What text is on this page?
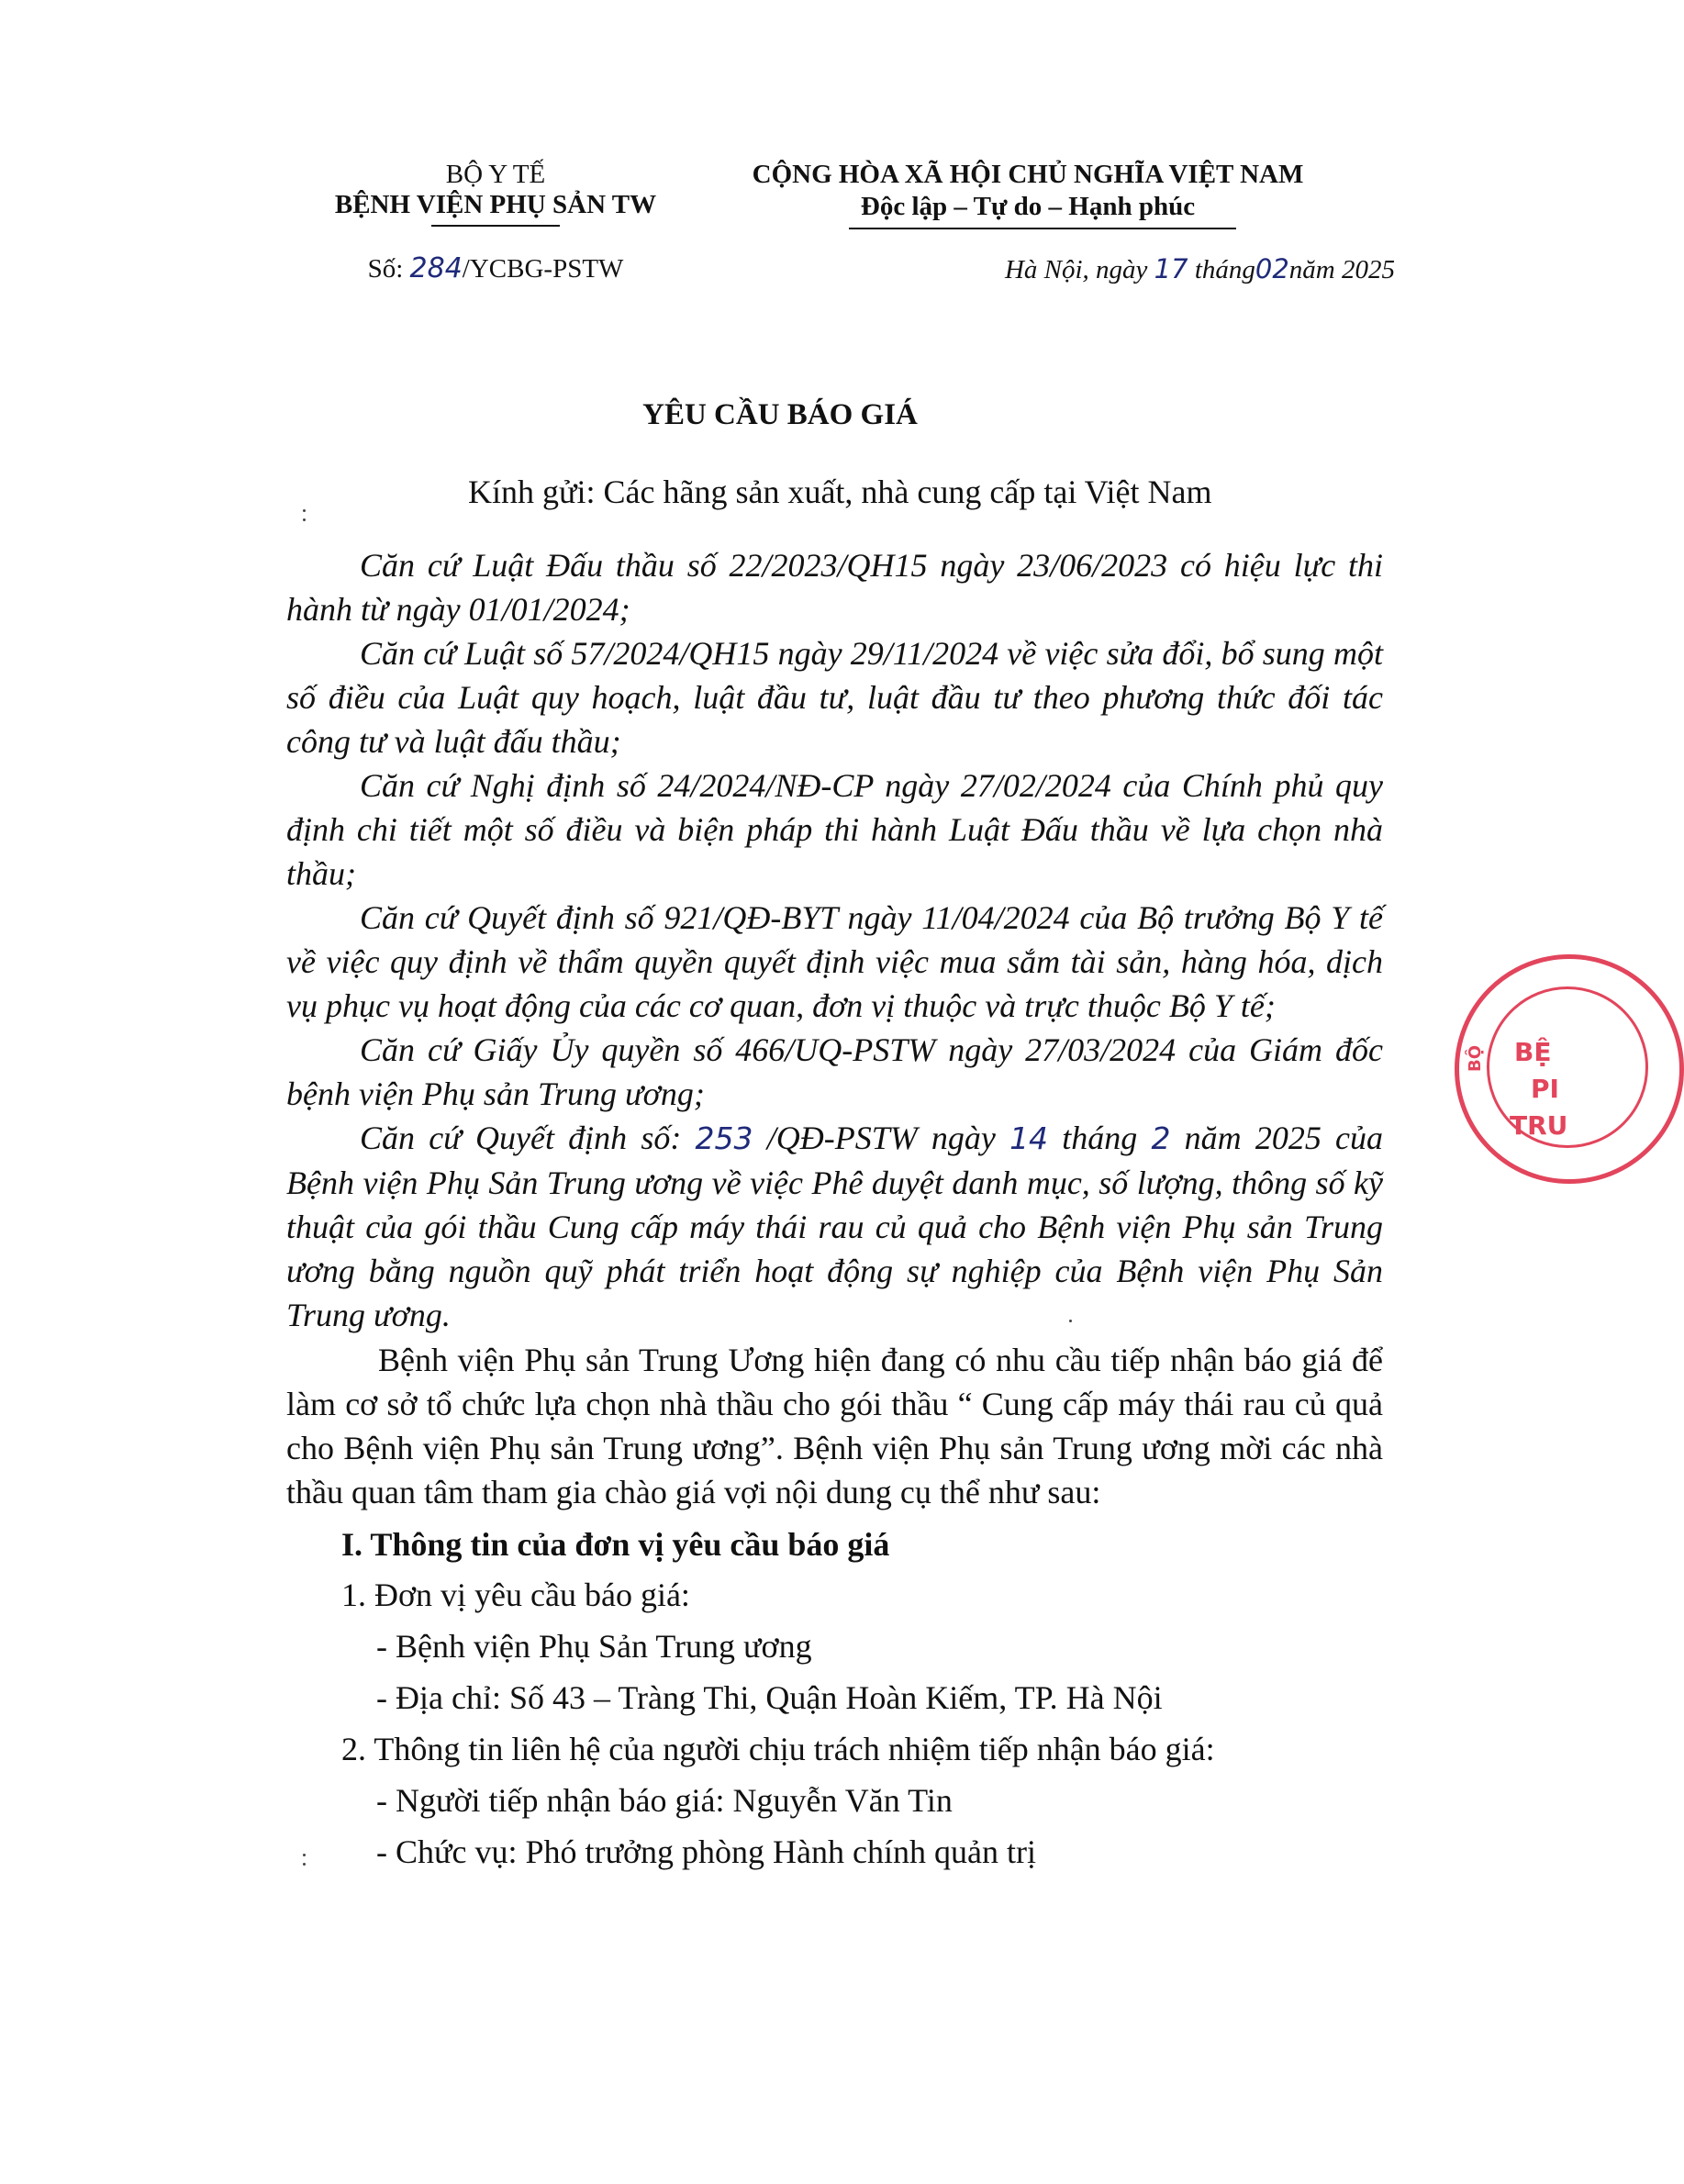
BỘ Y TẾ
BỆNH VIỆN PHỤ SẢN TW
Số: 284/YCBG-PSTW
CỘNG HÒA XÃ HỘI CHỦ NGHĨA VIỆT NAM
Độc lập – Tự do – Hạnh phúc
Hà Nội, ngày 17 tháng02năm 2025
YÊU CẦU BÁO GIÁ
Kính gửi: Các hãng sản xuất, nhà cung cấp tại Việt Nam
Căn cứ Luật Đấu thầu số 22/2023/QH15 ngày 23/06/2023 có hiệu lực thi hành từ ngày 01/01/2024;
Căn cứ Luật số 57/2024/QH15 ngày 29/11/2024 về việc sửa đổi, bổ sung một số điều của Luật quy hoạch, luật đầu tư, luật đầu tư theo phương thức đối tác công tư và luật đấu thầu;
Căn cứ Nghị định số 24/2024/NĐ-CP ngày 27/02/2024 của Chính phủ quy định chi tiết một số điều và biện pháp thi hành Luật Đấu thầu về lựa chọn nhà thầu;
Căn cứ Quyết định số 921/QĐ-BYT ngày 11/04/2024 của Bộ trưởng Bộ Y tế về việc quy định về thẩm quyền quyết định việc mua sắm tài sản, hàng hóa, dịch vụ phục vụ hoạt động của các cơ quan, đơn vị thuộc và trực thuộc Bộ Y tế;
Căn cứ Giấy Ủy quyền số 466/UQ-PSTW ngày 27/03/2024 của Giám đốc bệnh viện Phụ sản Trung ương;
Căn cứ Quyết định số: 253 /QĐ-PSTW ngày 14 tháng 2 năm 2025 của Bệnh viện Phụ Sản Trung ương về việc Phê duyệt danh mục, số lượng, thông số kỹ thuật của gói thầu Cung cấp máy thái rau củ quả cho Bệnh viện Phụ sản Trung ương bằng nguồn quỹ phát triển hoạt động sự nghiệp của Bệnh viện Phụ Sản Trung ương.
Bệnh viện Phụ sản Trung Ương hiện đang có nhu cầu tiếp nhận báo giá để làm cơ sở tổ chức lựa chọn nhà thầu cho gói thầu “ Cung cấp máy thái rau củ quả cho Bệnh viện Phụ sản Trung ương”. Bệnh viện Phụ sản Trung ương mời các nhà thầu quan tâm tham gia chào giá vợi nội dung cụ thể như sau:
I. Thông tin của đơn vị yêu cầu báo giá
1. Đơn vị yêu cầu báo giá:
- Bệnh viện Phụ Sản Trung ương
- Địa chỉ: Số 43 – Tràng Thi, Quận Hoàn Kiếm, TP. Hà Nội
2. Thông tin liên hệ của người chịu trách nhiệm tiếp nhận báo giá:
- Người tiếp nhận báo giá: Nguyễn Văn Tin
- Chức vụ: Phó trưởng phòng Hành chính quản trị
BỘ BỆ
PI
TRU
